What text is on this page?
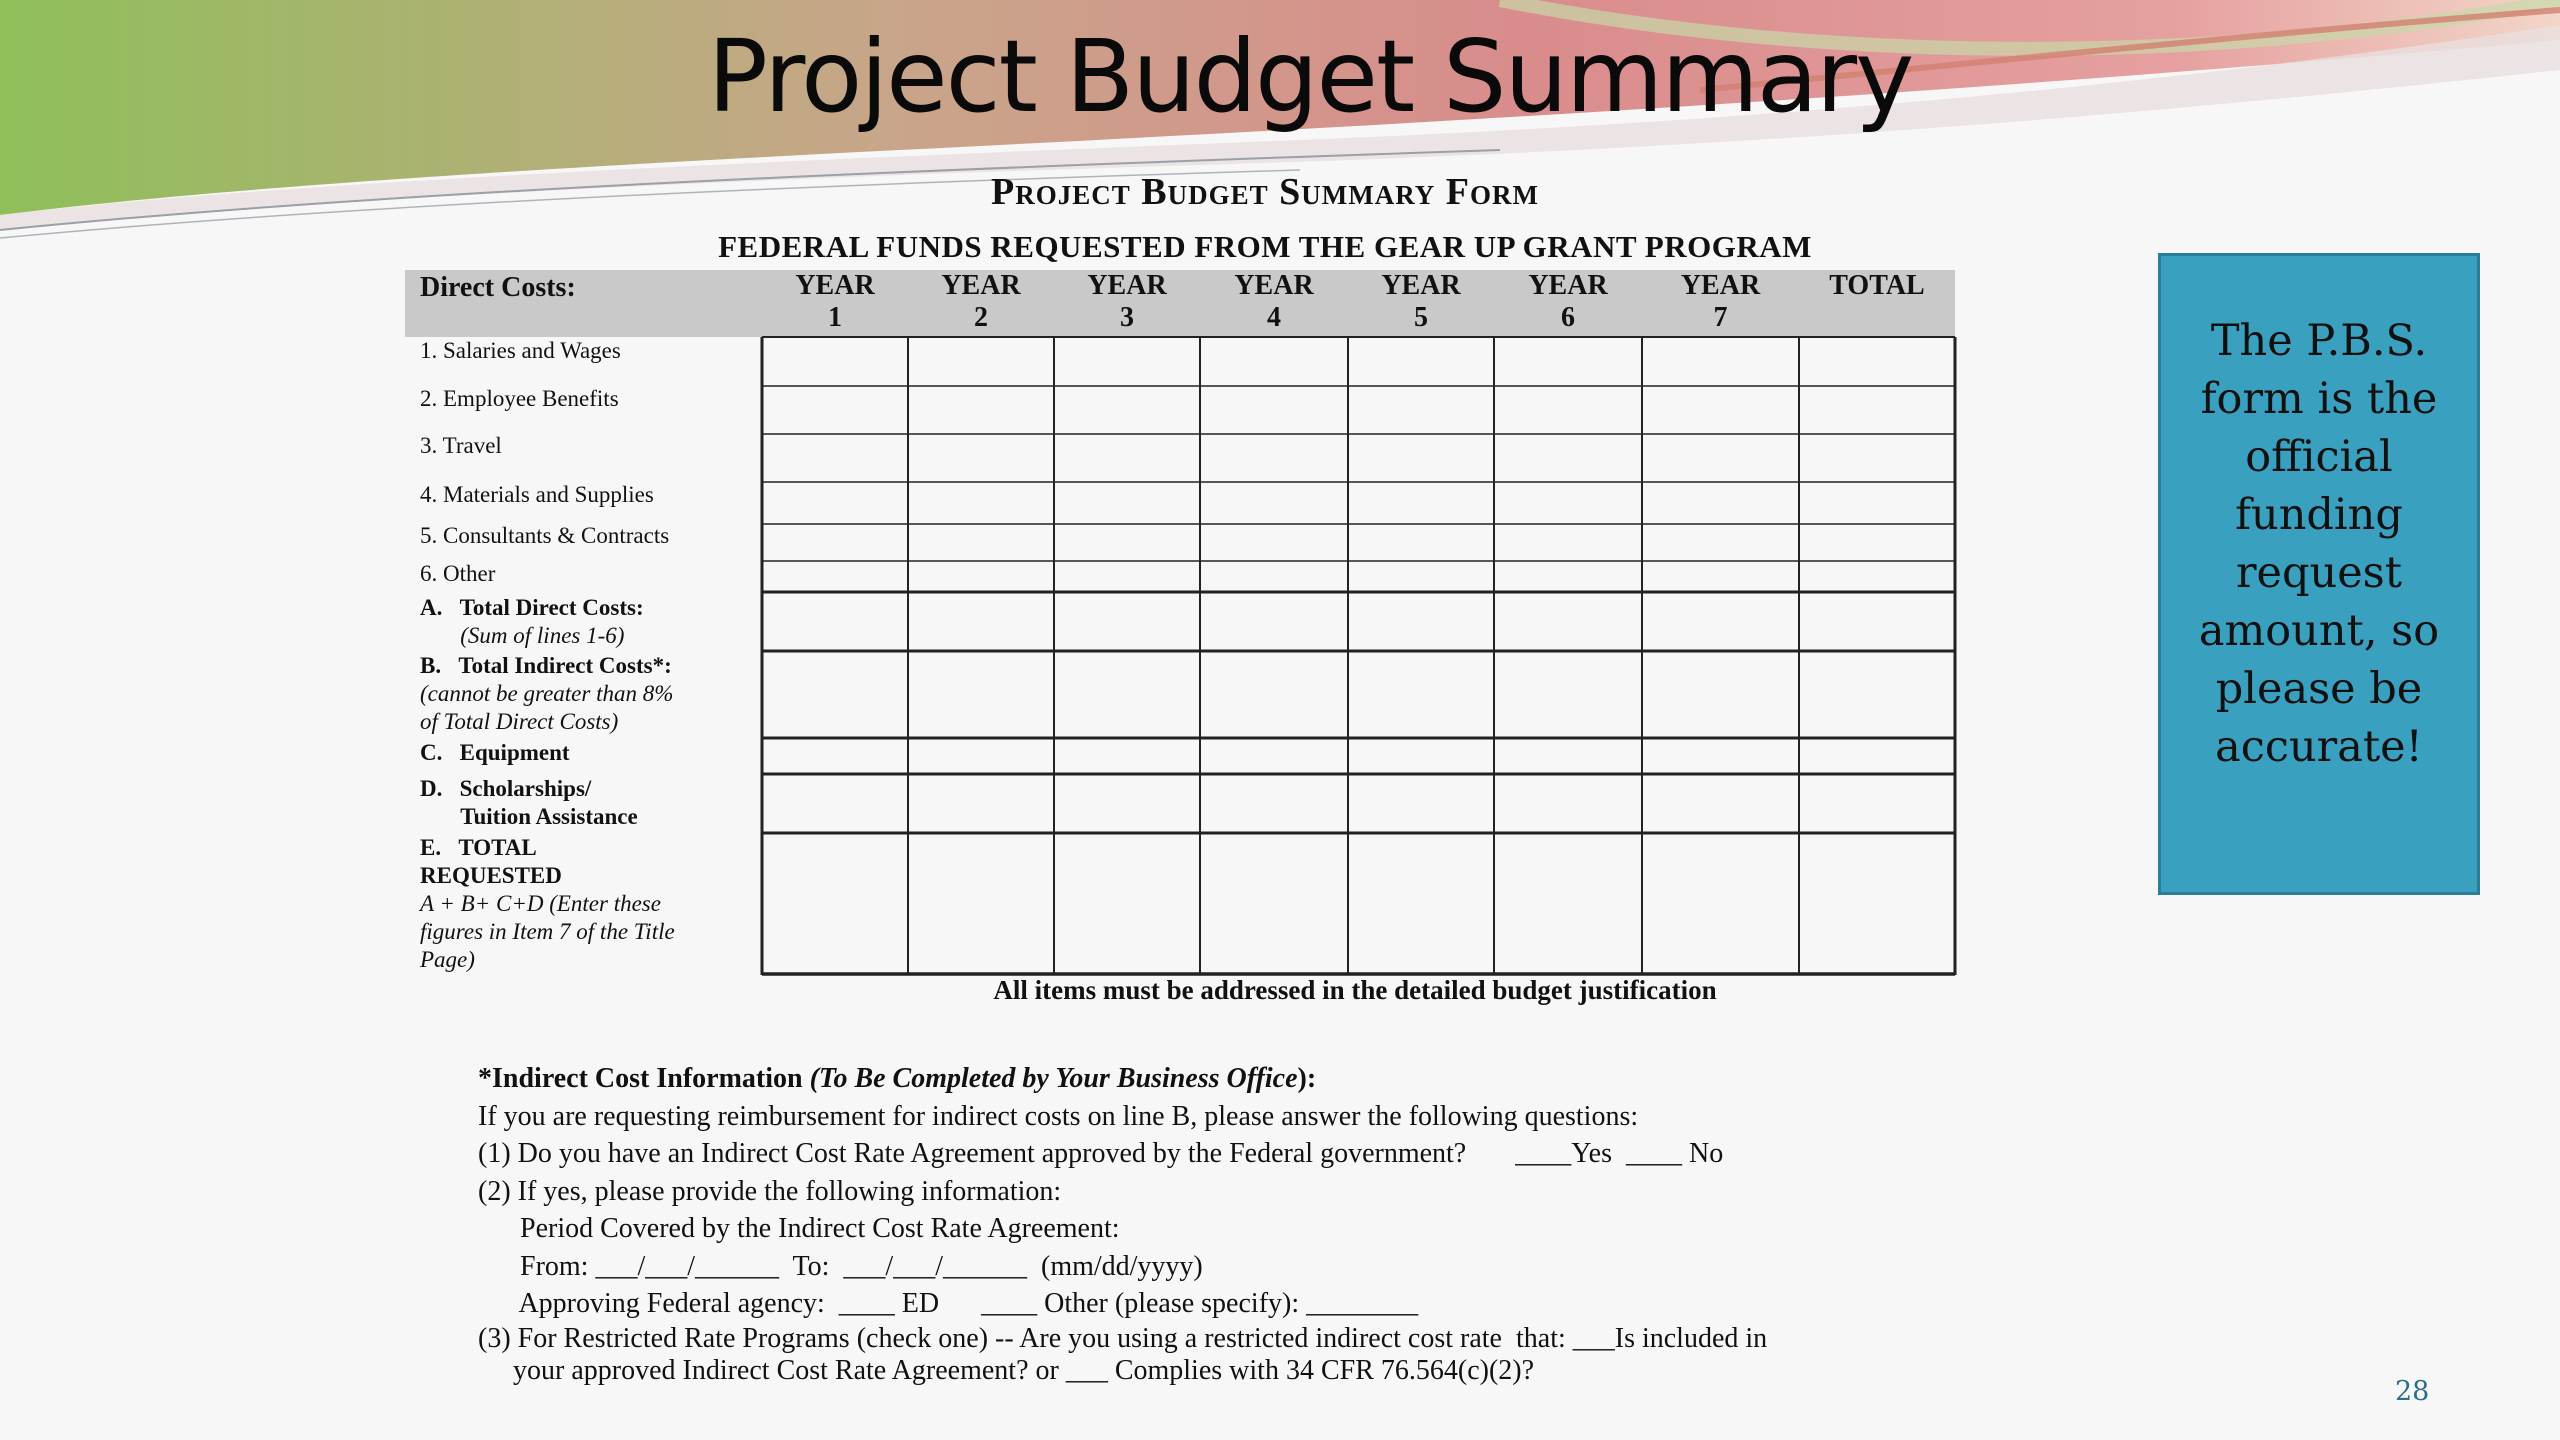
Project Budget Summary
Project Budget Summary Form
FEDERAL FUNDS REQUESTED FROM THE GEAR UP GRANT PROGRAM
Direct Costs:	YEAR
1
YEAR
2
YEAR
3
YEAR
4
YEAR
5
YEAR
6
YEAR
7
TOTAL
1. Salaries and Wages
2. Employee Benefits
3. Travel
4. Materials and Supplies
5. Consultants & Contracts
6. Other
A. Total Direct Costs:
(Sum of lines 1-6)
B. Total Indirect Costs*:
(cannot be greater than 8%
of Total Direct Costs)
C. Equipment
D. Scholarships/
Tuition Assistance
E. TOTAL
REQUESTED
A + B+ C+D (Enter these
figures in Item 7 of the Title
Page)
All items must be addressed in the detailed budget justification
The P.B.S. form is the official funding request amount, so please be accurate!
*Indirect Cost Information (To Be Completed by Your Business Office):
If you are requesting reimbursement for indirect costs on line B, please answer the following questions:
(1) Do you have an Indirect Cost Rate Agreement approved by the Federal government?       ____Yes  ____ No
(2) If yes, please provide the following information:
Period Covered by the Indirect Cost Rate Agreement:
From: ___/___/______  To:  ___/___/______  (mm/dd/yyyy)
Approving Federal agency:  ____ ED      ____ Other (please specify): ________
(3) For Restricted Rate Programs (check one) -- Are you using a restricted indirect cost rate  that: ___Is included in
your approved Indirect Cost Rate Agreement? or ___ Complies with 34 CFR 76.564(c)(2)?
28
